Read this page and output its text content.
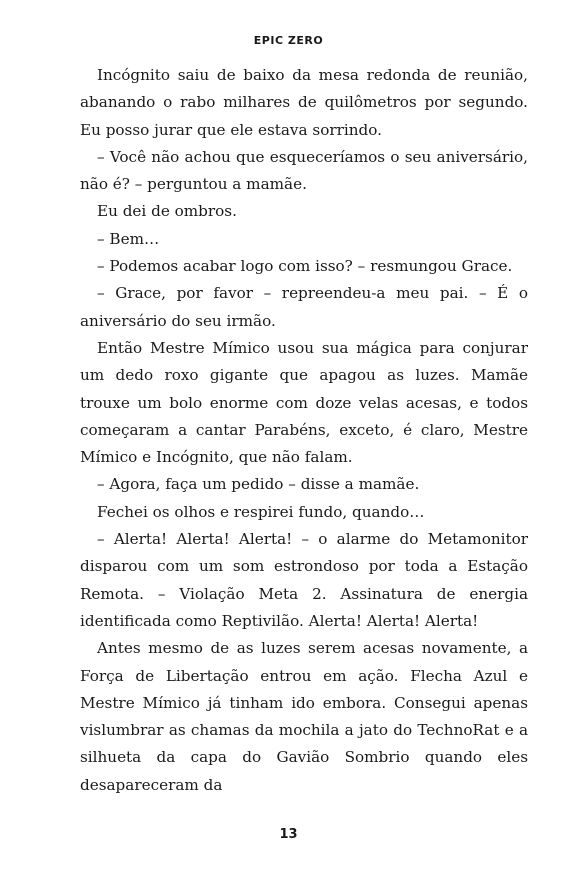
EPIC ZERO

Incógnito saiu de baixo da mesa redonda de reunião, abanando o rabo milhares de quilômetros por segundo. Eu posso jurar que ele estava sorrindo.

– Você não achou que esqueceríamos o seu aniversário, não é? – perguntou a mamãe.

Eu dei de ombros.

– Bem…

– Podemos acabar logo com isso? – resmungou Grace.

– Grace, por favor – repreendeu-a meu pai. – É o aniversário do seu irmão.

Então Mestre Mímico usou sua mágica para conjurar um dedo roxo gigante que apagou as luzes. Mamãe trouxe um bolo enorme com doze velas acesas, e todos começaram a cantar Parabéns, exceto, é claro, Mestre Mímico e Incógnito, que não falam.

– Agora, faça um pedido – disse a mamãe.

Fechei os olhos e respirei fundo, quando…

– Alerta! Alerta! Alerta! – o alarme do Metamonitor disparou com um som estrondoso por toda a Estação Remota. – Violação Meta 2. Assinatura de energia identificada como Reptivilão. Alerta! Alerta! Alerta!

Antes mesmo de as luzes serem acesas novamente, a Força de Libertação entrou em ação. Flecha Azul e Mestre Mímico já tinham ido embora. Consegui apenas vislumbrar as chamas da mochila a jato do TechnoRat e a silhueta da capa do Gavião Sombrio quando eles desapareceram da

13
